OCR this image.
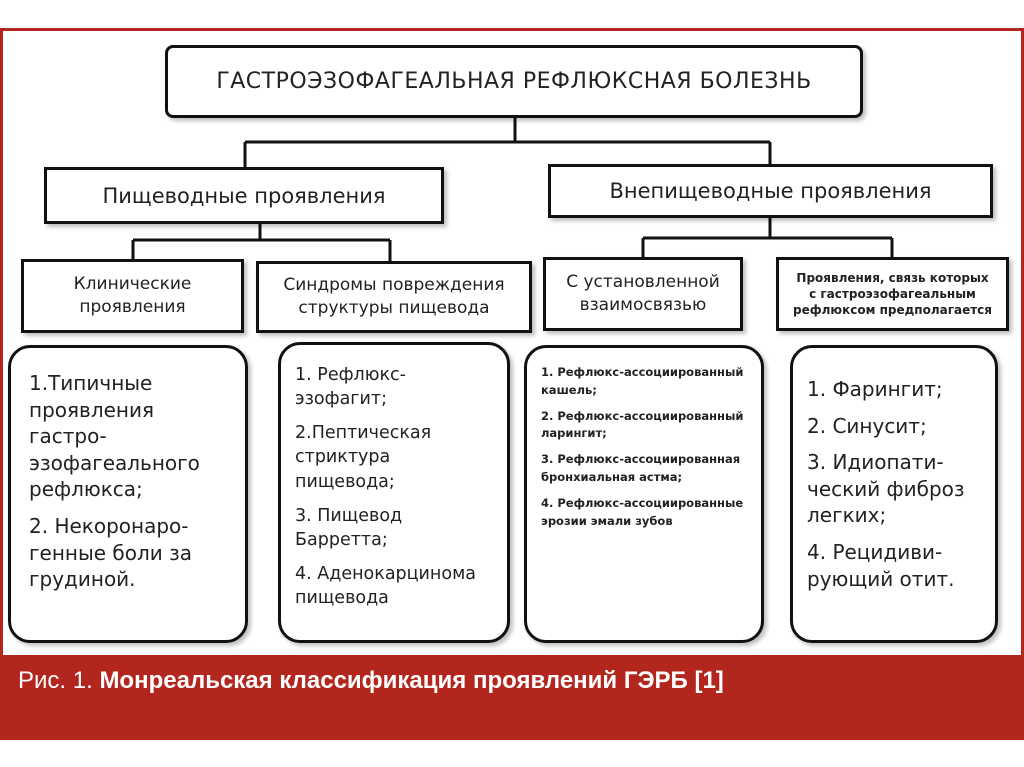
ГАСТРОЭЗОФАГЕАЛЬНАЯ РЕФЛЮКСНАЯ БОЛЕЗНЬ
Пищеводные проявления	Внепищеводные проявления
Клинические
проявления
Синдромы повреждения
структуры пищевода
С установленной
взаимосвязью
Проявления, связь которых
с гастроэзофагеальным
рефлюксом предполагается

1.Типичные проявления гастро-эзофагеального рефлюкса;

2. Некоронаро-генные боли за грудиной.

1. Рефлюкс-эзофагит;

2.Пептическая стриктура пищевода;

3. Пищевод Барретта;

4. Аденокарцинома пищевода

1. Рефлюкс-ассоциированный кашель;

2. Рефлюкс-ассоциированный ларингит;

3. Рефлюкс-ассоциированная бронхиальная астма;

4. Рефлюкс-ассоциированные эрозии эмали зубов

1. Фарингит;

2. Синусит;

3. Идиопати-ческий фиброз легких;

4. Рецидиви-рующий отит.

Рис. 1. Монреальская классификация проявлений ГЭРБ [1]
